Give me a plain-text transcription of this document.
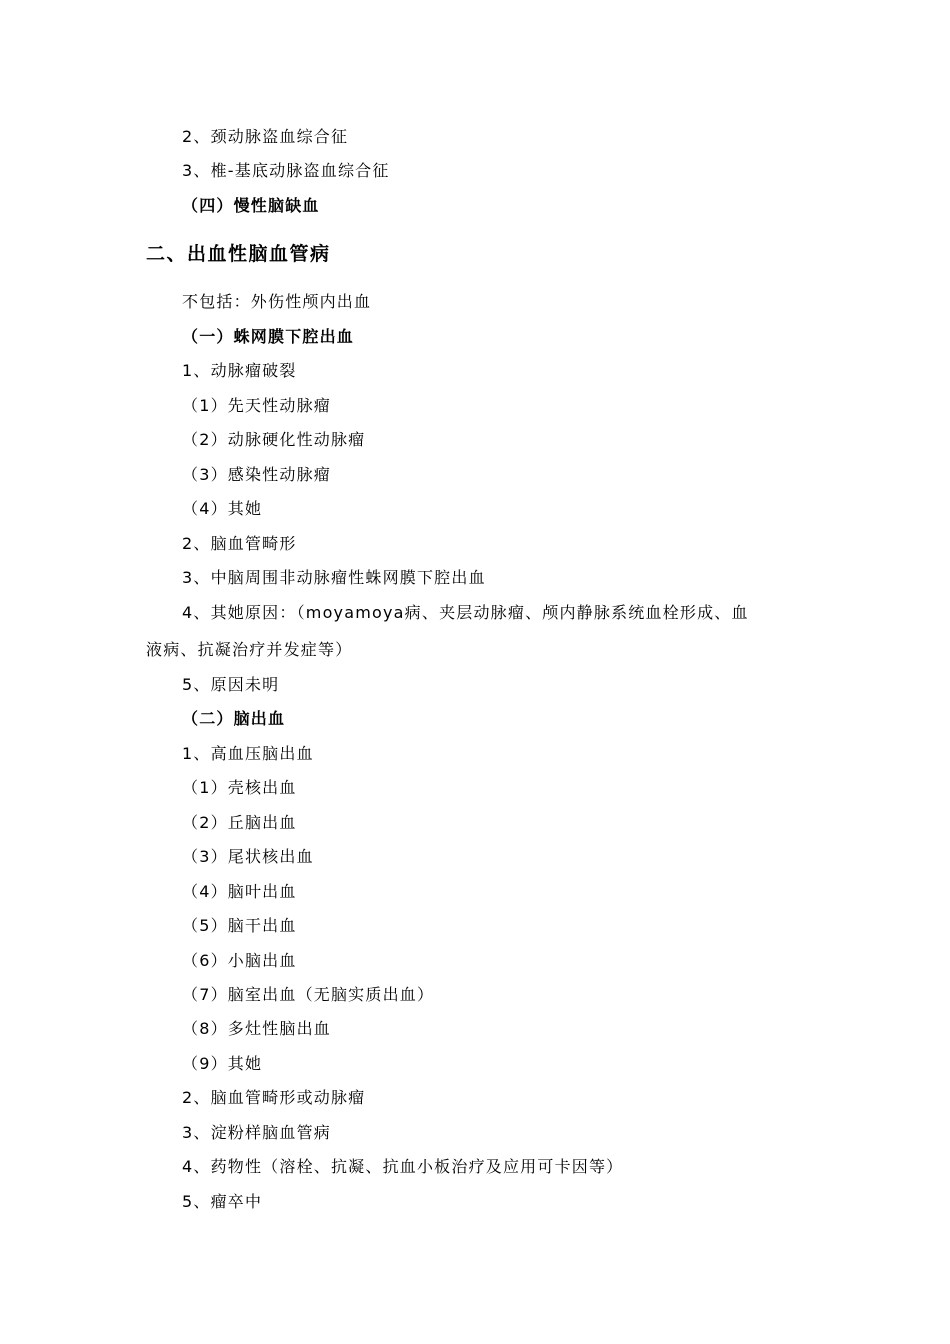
2、颈动脉盗血综合征
3、椎-基底动脉盗血综合征
（四）慢性脑缺血
二、出血性脑血管病
不包括：外伤性颅内出血
（一）蛛网膜下腔出血
1、动脉瘤破裂
（1）先天性动脉瘤
（2）动脉硬化性动脉瘤
（3）感染性动脉瘤
（4）其她
2、脑血管畸形
3、中脑周围非动脉瘤性蛛网膜下腔出血
4、其她原因：（moyamoya病、夹层动脉瘤、颅内静脉系统血栓形成、血
液病、抗凝治疗并发症等）
5、原因未明
（二）脑出血
1、高血压脑出血
（1）壳核出血
（2）丘脑出血
（3）尾状核出血
（4）脑叶出血
（5）脑干出血
（6）小脑出血
（7）脑室出血（无脑实质出血）
（8）多灶性脑出血
（9）其她
2、脑血管畸形或动脉瘤
3、淀粉样脑血管病
4、药物性（溶栓、抗凝、抗血小板治疗及应用可卡因等）
5、瘤卒中
